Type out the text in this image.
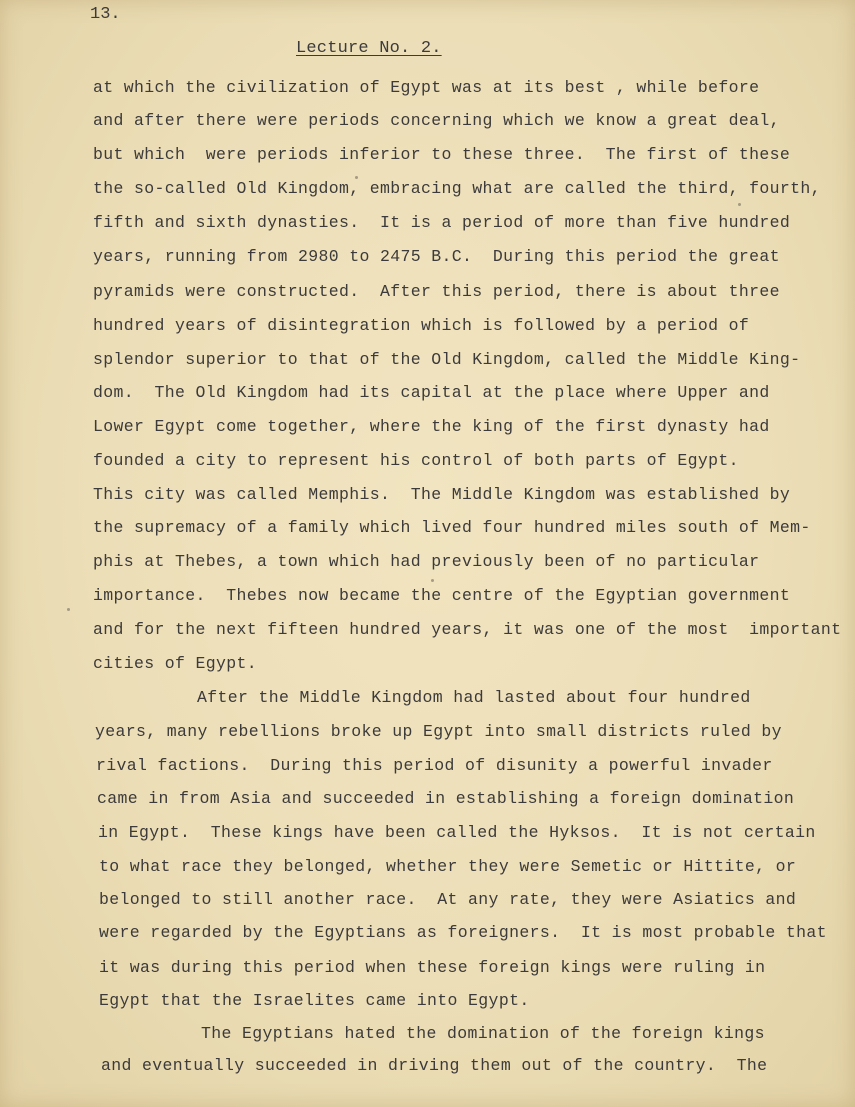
13.

Lecture No. 2.

at which the civilization of Egypt was at its best , while before

and after there were periods concerning which we know a great deal,

but which  were periods inferior to these three.  The first of these

the so-called Old Kingdom, embracing what are called the third, fourth,

fifth and sixth dynasties.  It is a period of more than five hundred

years, running from 2980 to 2475 B.C.  During this period the great

pyramids were constructed.  After this period, there is about three

hundred years of disintegration which is followed by a period of

splendor superior to that of the Old Kingdom, called the Middle King-

dom.  The Old Kingdom had its capital at the place where Upper and

Lower Egypt come together, where the king of the first dynasty had

founded a city to represent his control of both parts of Egypt.

This city was called Memphis.  The Middle Kingdom was established by

the supremacy of a family which lived four hundred miles south of Mem-

phis at Thebes, a town which had previously been of no particular

importance.  Thebes now became the centre of the Egyptian government

and for the next fifteen hundred years, it was one of the most  important

cities of Egypt.

After the Middle Kingdom had lasted about four hundred

years, many rebellions broke up Egypt into small districts ruled by

rival factions.  During this period of disunity a powerful invader

came in from Asia and succeeded in establishing a foreign domination

in Egypt.  These kings have been called the Hyksos.  It is not certain

to what race they belonged, whether they were Semetic or Hittite, or

belonged to still another race.  At any rate, they were Asiatics and

were regarded by the Egyptians as foreigners.  It is most probable that

it was during this period when these foreign kings were ruling in

Egypt that the Israelites came into Egypt.

The Egyptians hated the domination of the foreign kings

and eventually succeeded in driving them out of the country.  The
